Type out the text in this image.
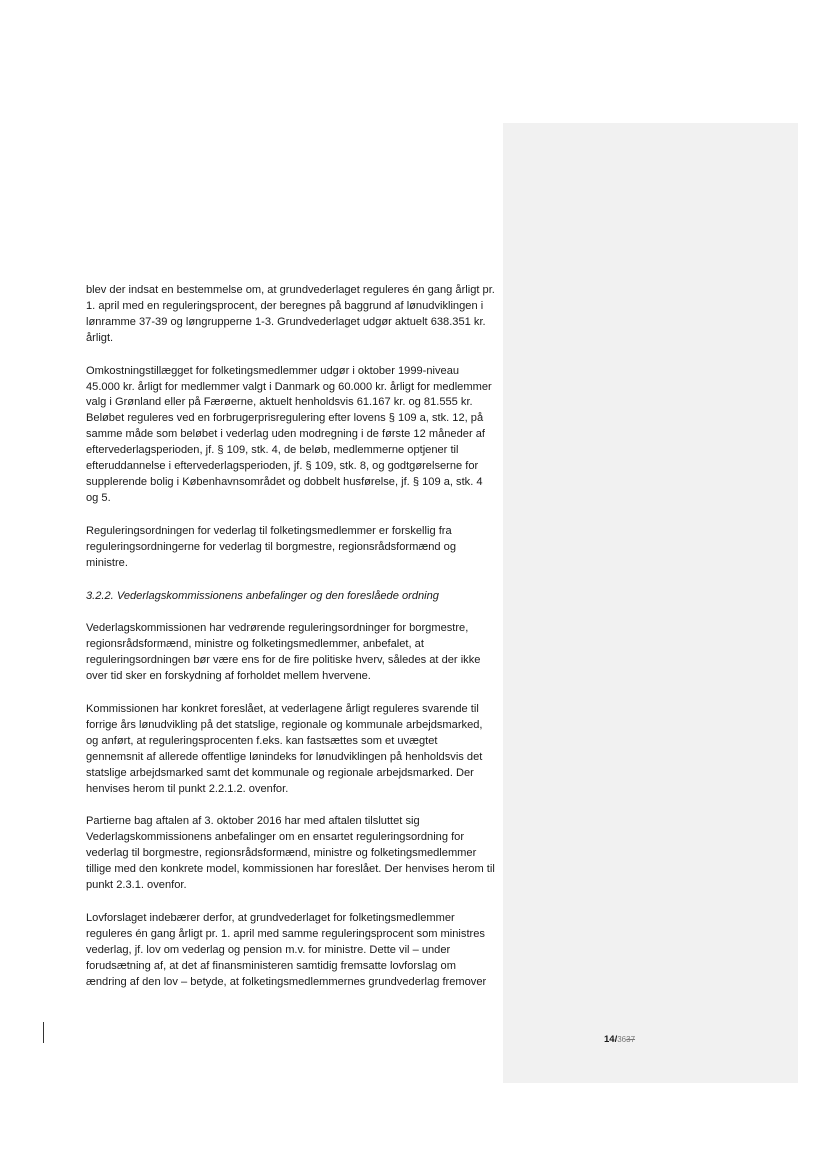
blev der indsat en bestemmelse om, at grundvederlaget reguleres én gang årligt pr. 1. april med en reguleringsprocent, der beregnes på baggrund af lønudviklingen i lønramme 37-39 og løngrupperne 1-3. Grundvederlaget udgør aktuelt 638.351 kr. årligt.

Omkostningstillægget for folketingsmedlemmer udgør i oktober 1999-niveau 45.000 kr. årligt for medlemmer valgt i Danmark og 60.000 kr. årligt for medlemmer valg i Grønland eller på Færøerne, aktuelt henholdsvis 61.167 kr. og 81.555 kr. Beløbet reguleres ved en forbrugerprisregulering efter lovens § 109 a, stk. 12, på samme måde som beløbet i vederlag uden modregning i de første 12 måneder af eftervederlagsperioden, jf. § 109, stk. 4, de beløb, medlemmerne optjener til efteruddannelse i eftervederlagsperioden, jf. § 109, stk. 8, og godtgørelserne for supplerende bolig i Københavnsområdet og dobbelt husførelse, jf. § 109 a, stk. 4 og 5.

Reguleringsordningen for vederlag til folketingsmedlemmer er forskellig fra reguleringsordningerne for vederlag til borgmestre, regionsrådsformænd og ministre.

3.2.2. Vederlagskommissionens anbefalinger og den foreslåede ordning

Vederlagskommissionen har vedrørende reguleringsordninger for borgmestre, regionsrådsformænd, ministre og folketingsmedlemmer, anbefalet, at reguleringsordningen bør være ens for de fire politiske hverv, således at der ikke over tid sker en forskydning af forholdet mellem hvervene.

Kommissionen har konkret foreslået, at vederlagene årligt reguleres svarende til forrige års lønudvikling på det statslige, regionale og kommunale arbejdsmarked, og anført, at reguleringsprocenten f.eks. kan fastsættes som et uvægtet gennemsnit af allerede offentlige lønindeks for lønudviklingen på henholdsvis det statslige arbejdsmarked samt det kommunale og regionale arbejdsmarked. Der henvises herom til punkt 2.2.1.2. ovenfor.

Partierne bag aftalen af 3. oktober 2016 har med aftalen tilsluttet sig Vederlagskommissionens anbefalinger om en ensartet reguleringsordning for vederlag til borgmestre, regionsrådsformænd, ministre og folketingsmedlemmer tillige med den konkrete model, kommissionen har foreslået. Der henvises herom til punkt 2.3.1. ovenfor.

Lovforslaget indebærer derfor, at grundvederlaget for folketingsmedlemmer reguleres én gang årligt pr. 1. april med samme reguleringsprocent som ministres vederlag, jf. lov om vederlag og pension m.v. for ministre. Dette vil – under forudsætning af, at det af finansministeren samtidig fremsatte lovforslag om ændring af den lov – betyde, at folketingsmedlemmernes grundvederlag fremover

14/3637
